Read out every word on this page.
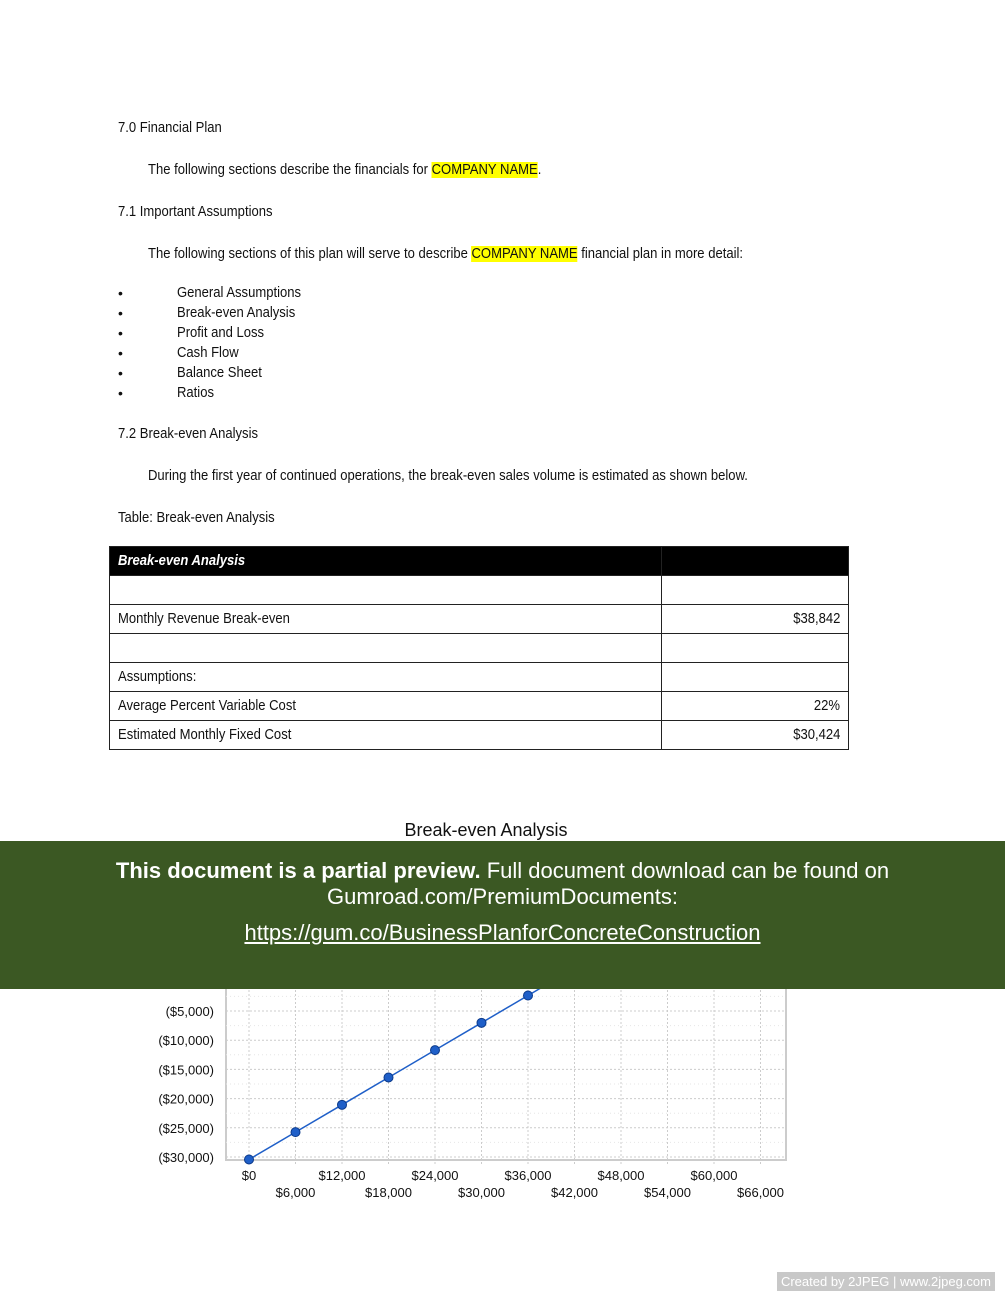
7.0 Financial Plan
The following sections describe the financials for COMPANY NAME.
7.1 Important Assumptions
The following sections of this plan will serve to describe COMPANY NAME financial plan in more detail:
•	General Assumptions
•	Break-even Analysis
•	Profit and Loss
•	Cash Flow
•	Balance Sheet
•	Ratios
7.2 Break-even Analysis
During the first year of continued operations, the break-even sales volume is estimated as shown below.
Table: Break-even Analysis
Break-even Analysis	

Monthly Revenue Break-even	$38,842

Assumptions:	
Average Percent Variable Cost	22%
Estimated Monthly Fixed Cost	$30,424
Break-even Analysis
$0
$6,000
$12,000
$18,000
$24,000
$30,000
$36,000
$42,000
$48,000
$54,000
$60,000
$66,000
($30,000)
($25,000)
($20,000)
($15,000)
($10,000)
($5,000)
This document is a partial preview. Full document download can be found on
Gumroad.com/PremiumDocuments:
https://gum.co/BusinessPlanforConcreteConstruction
Created by 2JPEG | www.2jpeg.com
